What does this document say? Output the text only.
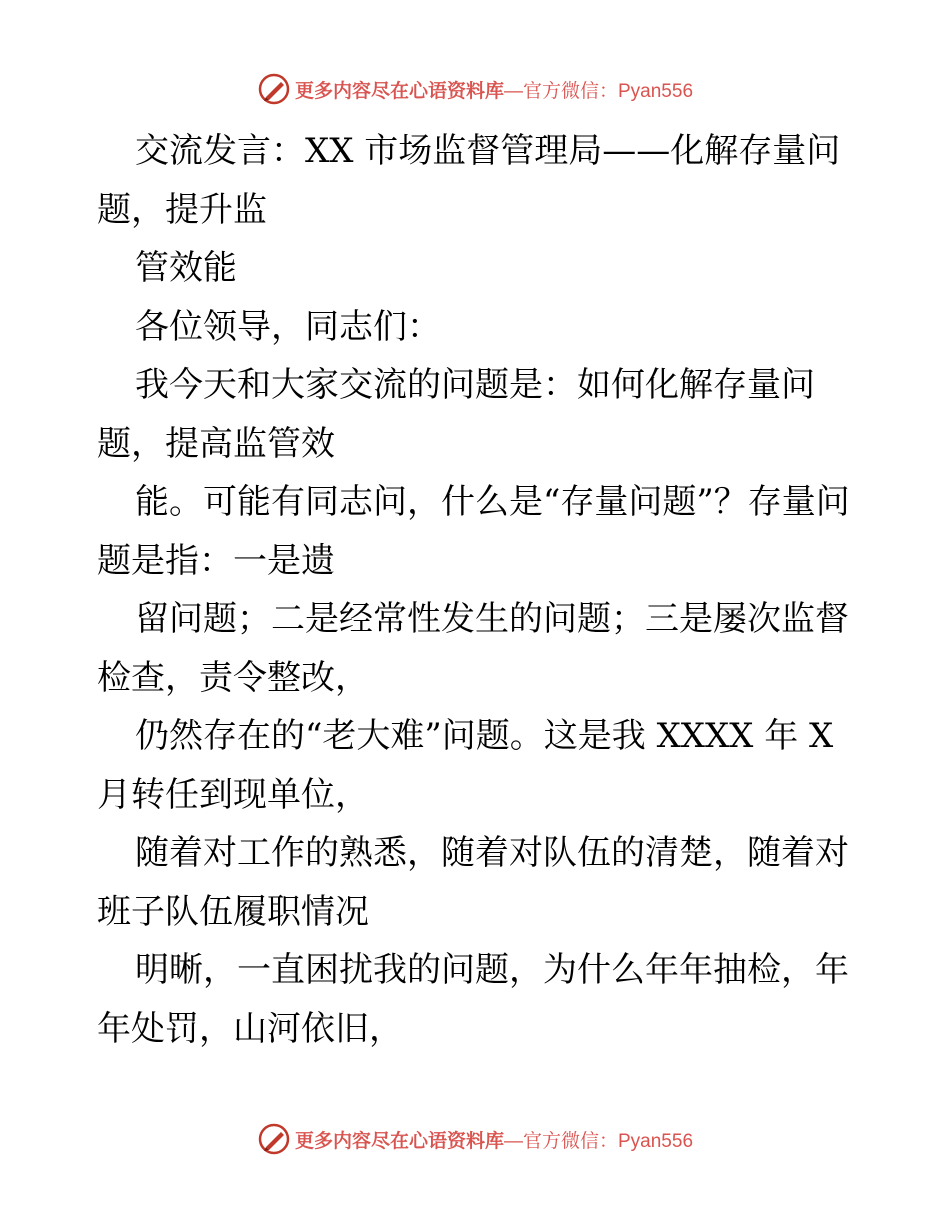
更多内容尽在心语资料库 —官方微信：Pyan556

交流发言：XX 市场监督管理局——化解存量问题，提升监

管效能

各位领导，同志们：

我今天和大家交流的问题是：如何化解存量问题，提高监管效

能。可能有同志问，什么是“存量问题”？存量问题是指：一是遗

留问题；二是经常性发生的问题；三是屡次监督检查，责令整改，

仍然存在的“老大难”问题。这是我 XXXX 年 X 月转任到现单位，

随着对工作的熟悉，随着对队伍的清楚，随着对班子队伍履职情况

明晰，一直困扰我的问题，为什么年年抽检，年年处罚，山河依旧，

更多内容尽在心语资料库 —官方微信：Pyan556
